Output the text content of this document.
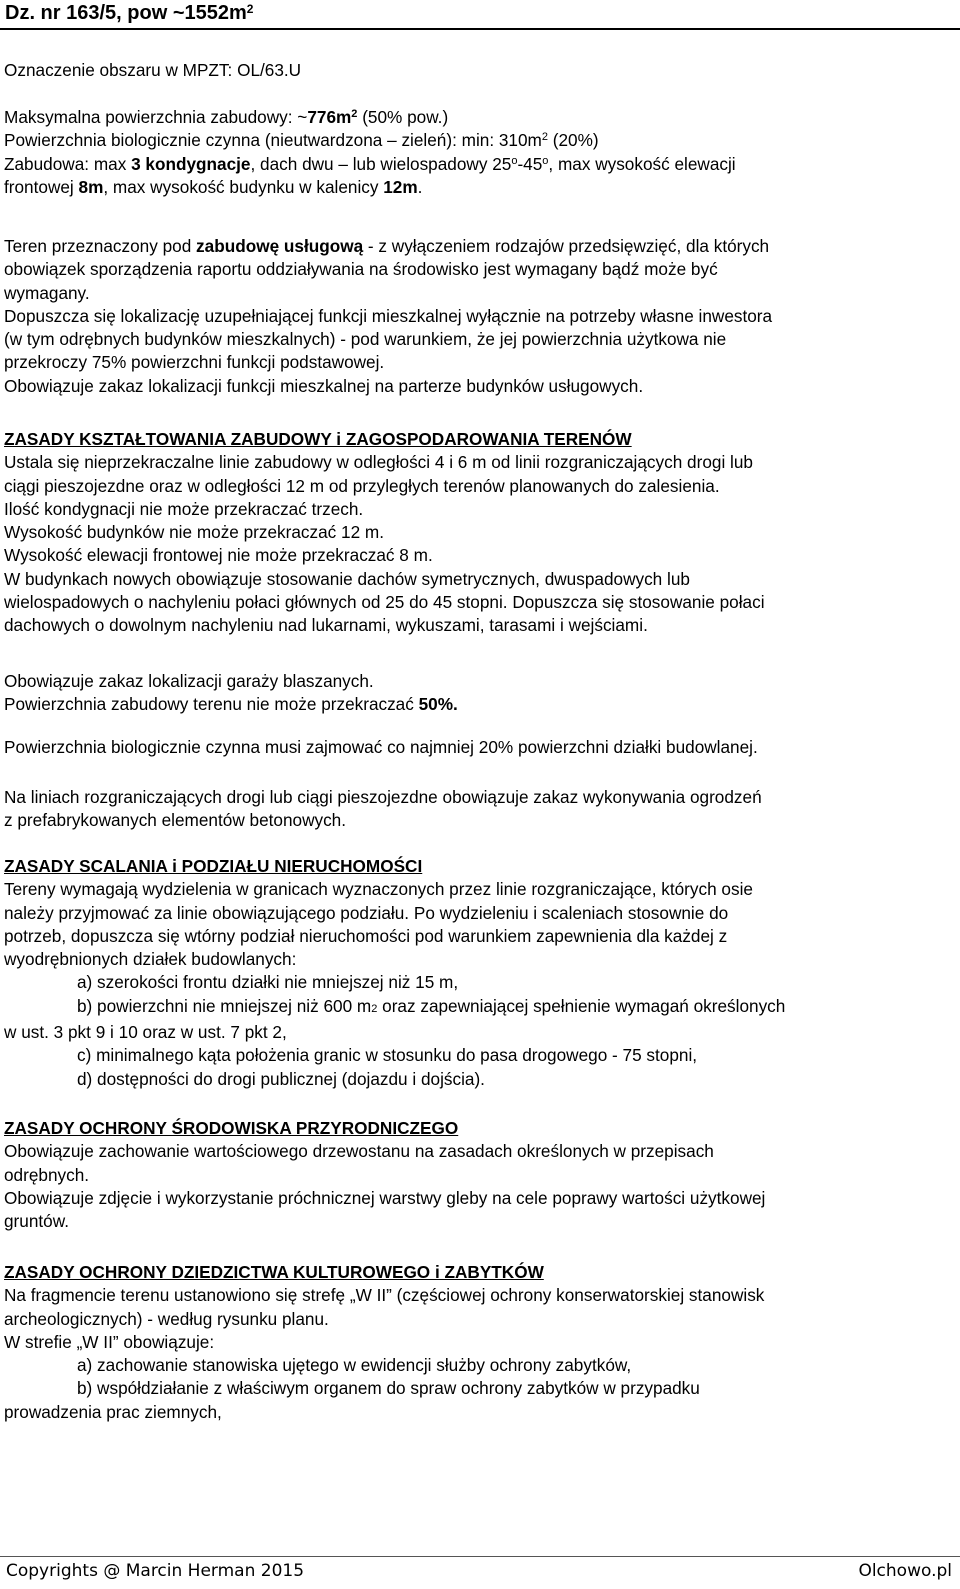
Dz. nr 163/5, pow $\sim 1552m^2$
Oznaczenie obszaru w MPZT: OL/63.U
Maksymalna powierzchnia zabudowy: $\sim 776m^2$ (50% pow.)
Powierzchnia biologicznie czynna (nieutwardzona – zieleń): min: $310m^2$ (20%)
Zabudowa: max 3 kondygnacje, dach dwu – lub wielospadowy 25$^o$-45$^o$, max wysokość elewacji
frontowej 8m, max wysokość budynku w kalenicy 12m.
Teren przeznaczony pod zabudowę usługową - z wyłączeniem rodzajów przedsięwzięć, dla których
obowiązek sporządzenia raportu oddziaływania na środowisko jest wymagany bądź może być
wymagany.
Dopuszcza się lokalizację uzupełniającej funkcji mieszkalnej wyłącznie na potrzeby własne inwestora
(w tym odrębnych budynków mieszkalnych) - pod warunkiem, że jej powierzchnia użytkowa nie
przekroczy 75% powierzchni funkcji podstawowej.
Obowiązuje zakaz lokalizacji funkcji mieszkalnej na parterze budynków usługowych.
ZASADY KSZTAŁTOWANIA ZABUDOWY i ZAGOSPODAROWANIA TERENÓW
Ustala się nieprzekraczalne linie zabudowy w odległości 4 i 6 m od linii rozgraniczających drogi lub
ciągi pieszojezdne oraz w odległości 12 m od przyległych terenów planowanych do zalesienia.
Ilość kondygnacji nie może przekraczać trzech.
Wysokość budynków nie może przekraczać 12 m.
Wysokość elewacji frontowej nie może przekraczać 8 m.
W budynkach nowych obowiązuje stosowanie dachów symetrycznych, dwuspadowych lub
wielospadowych o nachyleniu połaci głównych od 25 do 45 stopni. Dopuszcza się stosowanie połaci
dachowych o dowolnym nachyleniu nad lukarnami, wykuszami, tarasami i wejściami.
Obowiązuje zakaz lokalizacji garaży blaszanych.
Powierzchnia zabudowy terenu nie może przekraczać 50%.
Powierzchnia biologicznie czynna musi zajmować co najmniej 20% powierzchni działki budowlanej.
Na liniach rozgraniczających drogi lub ciągi pieszojezdne obowiązuje zakaz wykonywania ogrodzeń
z prefabrykowanych elementów betonowych.
ZASADY SCALANIA i PODZIAŁU NIERUCHOMOŚCI
Tereny wymagają wydzielenia w granicach wyznaczonych przez linie rozgraniczające, których osie
należy przyjmować za linie obowiązującego podziału. Po wydzieleniu i scaleniach stosownie do
potrzeb, dopuszcza się wtórny podział nieruchomości pod warunkiem zapewnienia dla każdej z
wyodrębnionych działek budowlanych:
a) szerokości frontu działki nie mniejszej niż 15 m,
b) powierzchni nie mniejszej niż 600 m2 oraz zapewniającej spełnienie wymagań określonych
w ust. 3 pkt 9 i 10 oraz w ust. 7 pkt 2,
c) minimalnego kąta położenia granic w stosunku do pasa drogowego - 75 stopni,
d) dostępności do drogi publicznej (dojazdu i dojścia).
ZASADY OCHRONY ŚRODOWISKA PRZYRODNICZEGO
Obowiązuje zachowanie wartościowego drzewostanu na zasadach określonych w przepisach
odrębnych.
Obowiązuje zdjęcie i wykorzystanie próchnicznej warstwy gleby na cele poprawy wartości użytkowej
gruntów.
ZASADY OCHRONY DZIEDZICTWA KULTUROWEGO i ZABYTKÓW
Na fragmencie terenu ustanowiono się strefę „W II” (częściowej ochrony konserwatorskiej stanowisk
archeologicznych) - według rysunku planu.
W strefie „W II” obowiązuje:
a) zachowanie stanowiska ujętego w ewidencji służby ochrony zabytków,
b) współdziałanie z właściwym organem do spraw ochrony zabytków w przypadku
prowadzenia prac ziemnych,
Copyrights @ Marcin Herman 2015	Olchowo.pl
